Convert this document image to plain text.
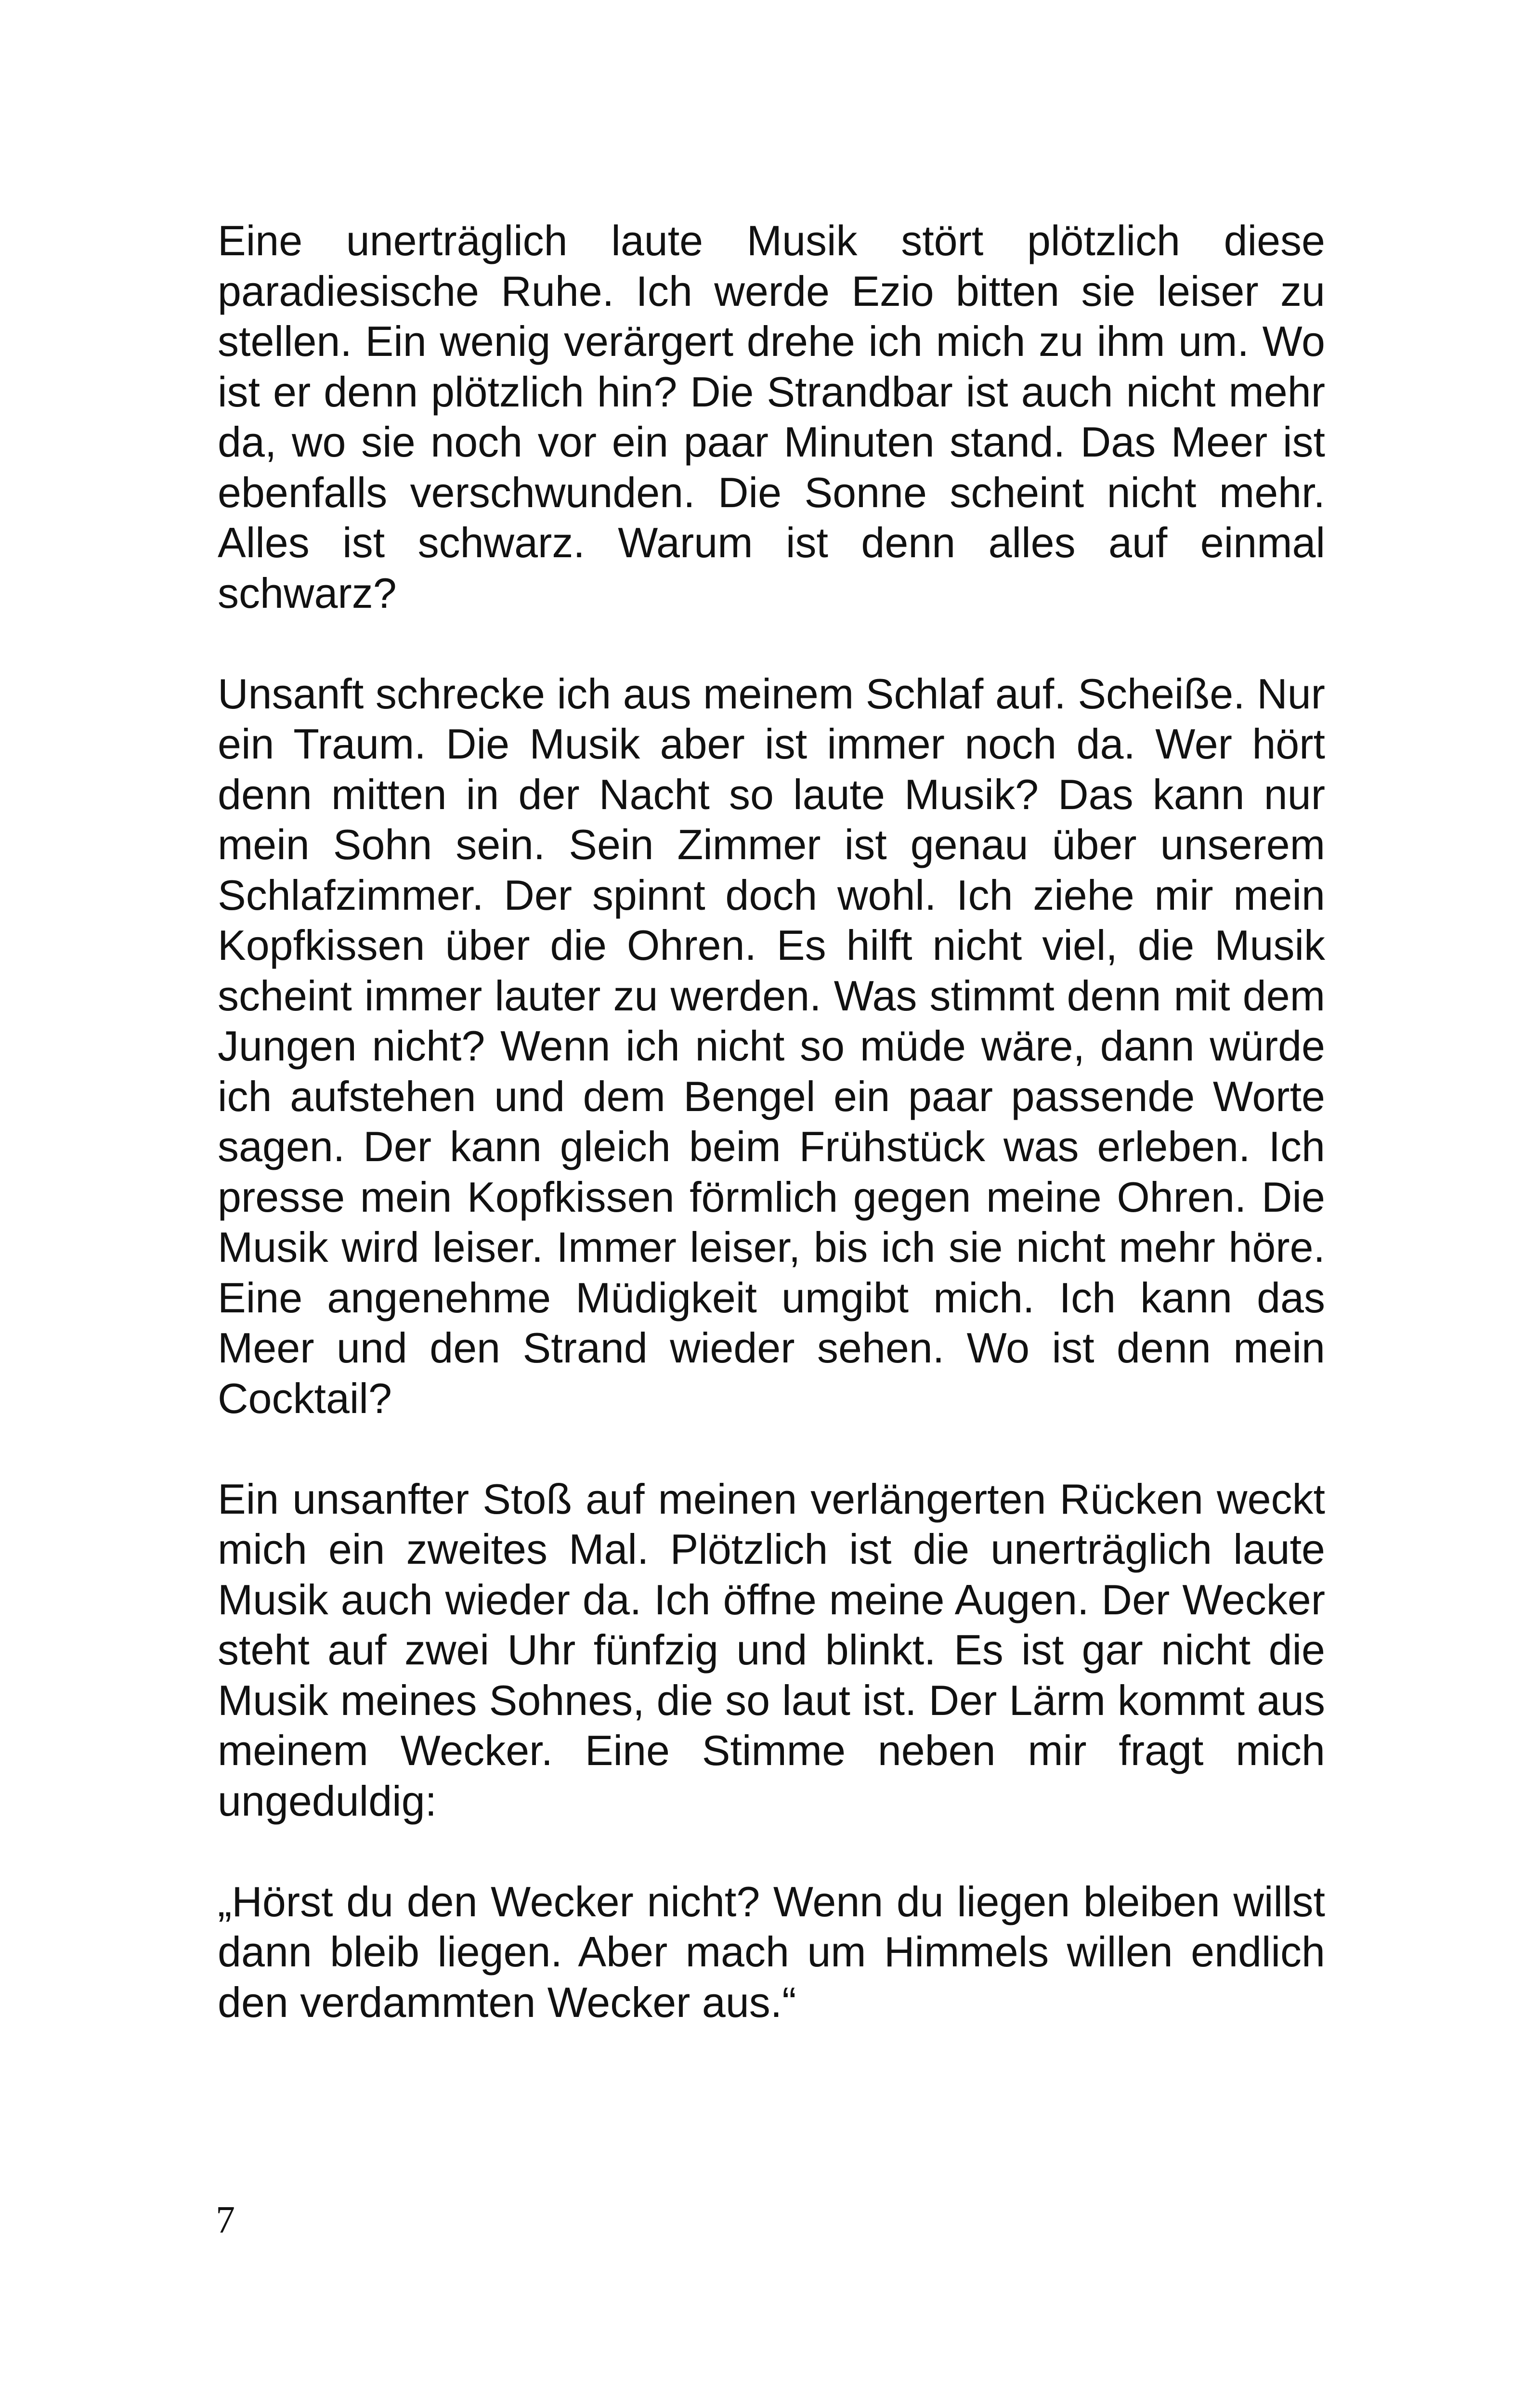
Eine unerträglich laute Musik stört plötzlich diese paradiesische Ruhe. Ich werde Ezio bitten sie leiser zu stellen. Ein wenig verärgert drehe ich mich zu ihm um. Wo ist er denn plötzlich hin? Die Strandbar ist auch nicht mehr da, wo sie noch vor ein paar Minuten stand. Das Meer ist ebenfalls verschwunden. Die Sonne scheint nicht mehr. Alles ist schwarz. Warum ist denn alles auf einmal schwarz?

Unsanft schrecke ich aus meinem Schlaf auf. Scheiße. Nur ein Traum. Die Musik aber ist immer noch da. Wer hört denn mitten in der Nacht so laute Musik? Das kann nur mein Sohn sein. Sein Zimmer ist genau über unserem Schlafzimmer. Der spinnt doch wohl. Ich ziehe mir mein Kopfkissen über die Ohren. Es hilft nicht viel, die Musik scheint immer lauter zu werden. Was stimmt denn mit dem Jungen nicht? Wenn ich nicht so müde wäre, dann würde ich aufstehen und dem Bengel ein paar passende Worte sagen. Der kann gleich beim Frühstück was erleben. Ich presse mein Kopfkissen förmlich gegen meine Ohren. Die Musik wird leiser. Immer leiser, bis ich sie nicht mehr höre. Eine angenehme Müdigkeit umgibt mich. Ich kann das Meer und den Strand wieder sehen. Wo ist denn mein Cocktail?

Ein unsanfter Stoß auf meinen verlängerten Rücken weckt mich ein zweites Mal. Plötzlich ist die unerträglich laute Musik auch wieder da. Ich öffne meine Augen. Der Wecker steht auf zwei Uhr fünfzig und blinkt. Es ist gar nicht die Musik meines Sohnes, die so laut ist. Der Lärm kommt aus meinem Wecker. Eine Stimme neben mir fragt mich ungeduldig:

„Hörst du den Wecker nicht? Wenn du liegen bleiben willst dann bleib liegen. Aber mach um Himmels willen endlich den verdammten Wecker aus.“

7
